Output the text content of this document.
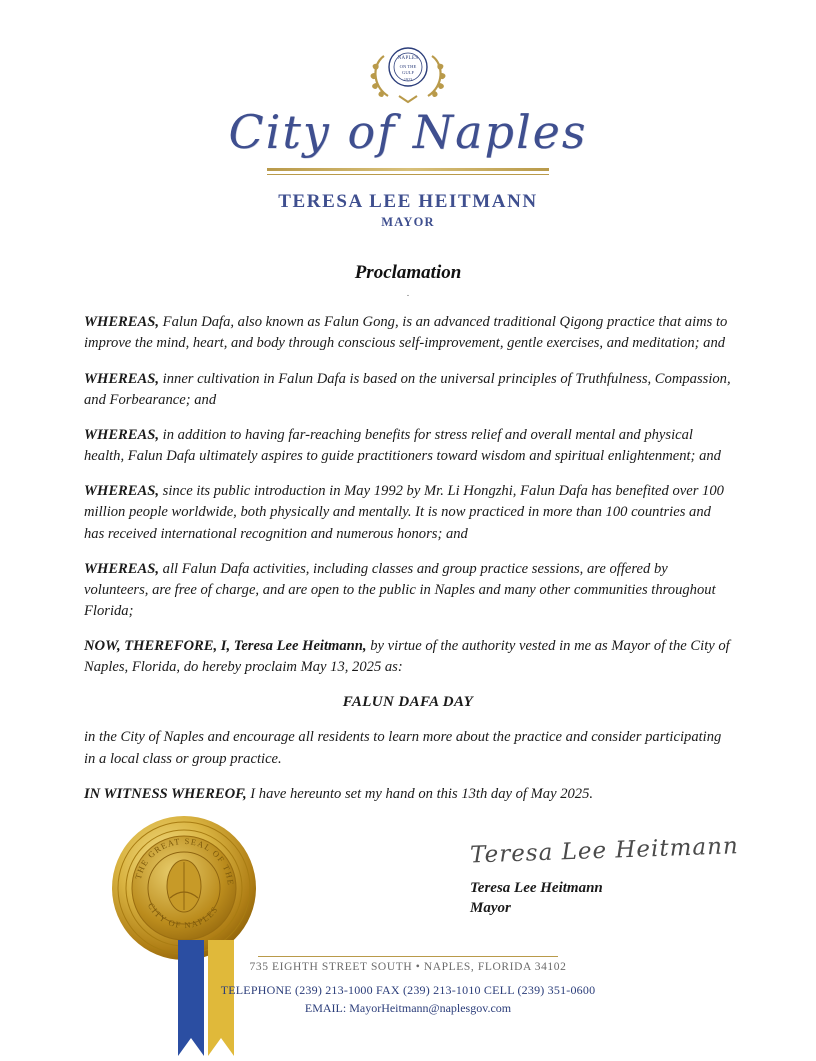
NAPLES
ON THE
GULF
1923
City of Naples
TERESA LEE HEITMANN
MAYOR
Proclamation
.

WHEREAS, Falun Dafa, also known as Falun Gong, is an advanced traditional Qigong practice that aims to improve the mind, heart, and body through conscious self-improvement, gentle exercises, and meditation; and

WHEREAS, inner cultivation in Falun Dafa is based on the universal principles of Truthfulness, Compassion, and Forbearance; and

WHEREAS, in addition to having far-reaching benefits for stress relief and overall mental and physical health, Falun Dafa ultimately aspires to guide practitioners toward wisdom and spiritual enlightenment; and

WHEREAS, since its public introduction in May 1992 by Mr. Li Hongzhi, Falun Dafa has benefited over 100 million people worldwide, both physically and mentally. It is now practiced in more than 100 countries and has received international recognition and numerous honors; and

WHEREAS, all Falun Dafa activities, including classes and group practice sessions, are offered by volunteers, are free of charge, and are open to the public in Naples and many other communities throughout Florida;

NOW, THEREFORE, I, Teresa Lee Heitmann, by virtue of the authority vested in me as Mayor of the City of Naples, Florida, do hereby proclaim May 13, 2025 as:

FALUN DAFA DAY

in the City of Naples and encourage all residents to learn more about the practice and consider participating in a local class or group practice.

IN WITNESS WHEREOF, I have hereunto set my hand on this 13th day of May 2025.

Teresa Lee Heitmann
Teresa Lee Heitmann
Mayor
THE GREAT SEAL OF THE
CITY OF NAPLES
735 EIGHTH STREET SOUTH • NAPLES, FLORIDA 34102
TELEPHONE (239) 213-1000 FAX (239) 213-1010 CELL (239) 351-0600
EMAIL: MayorHeitmann@naplesgov.com
